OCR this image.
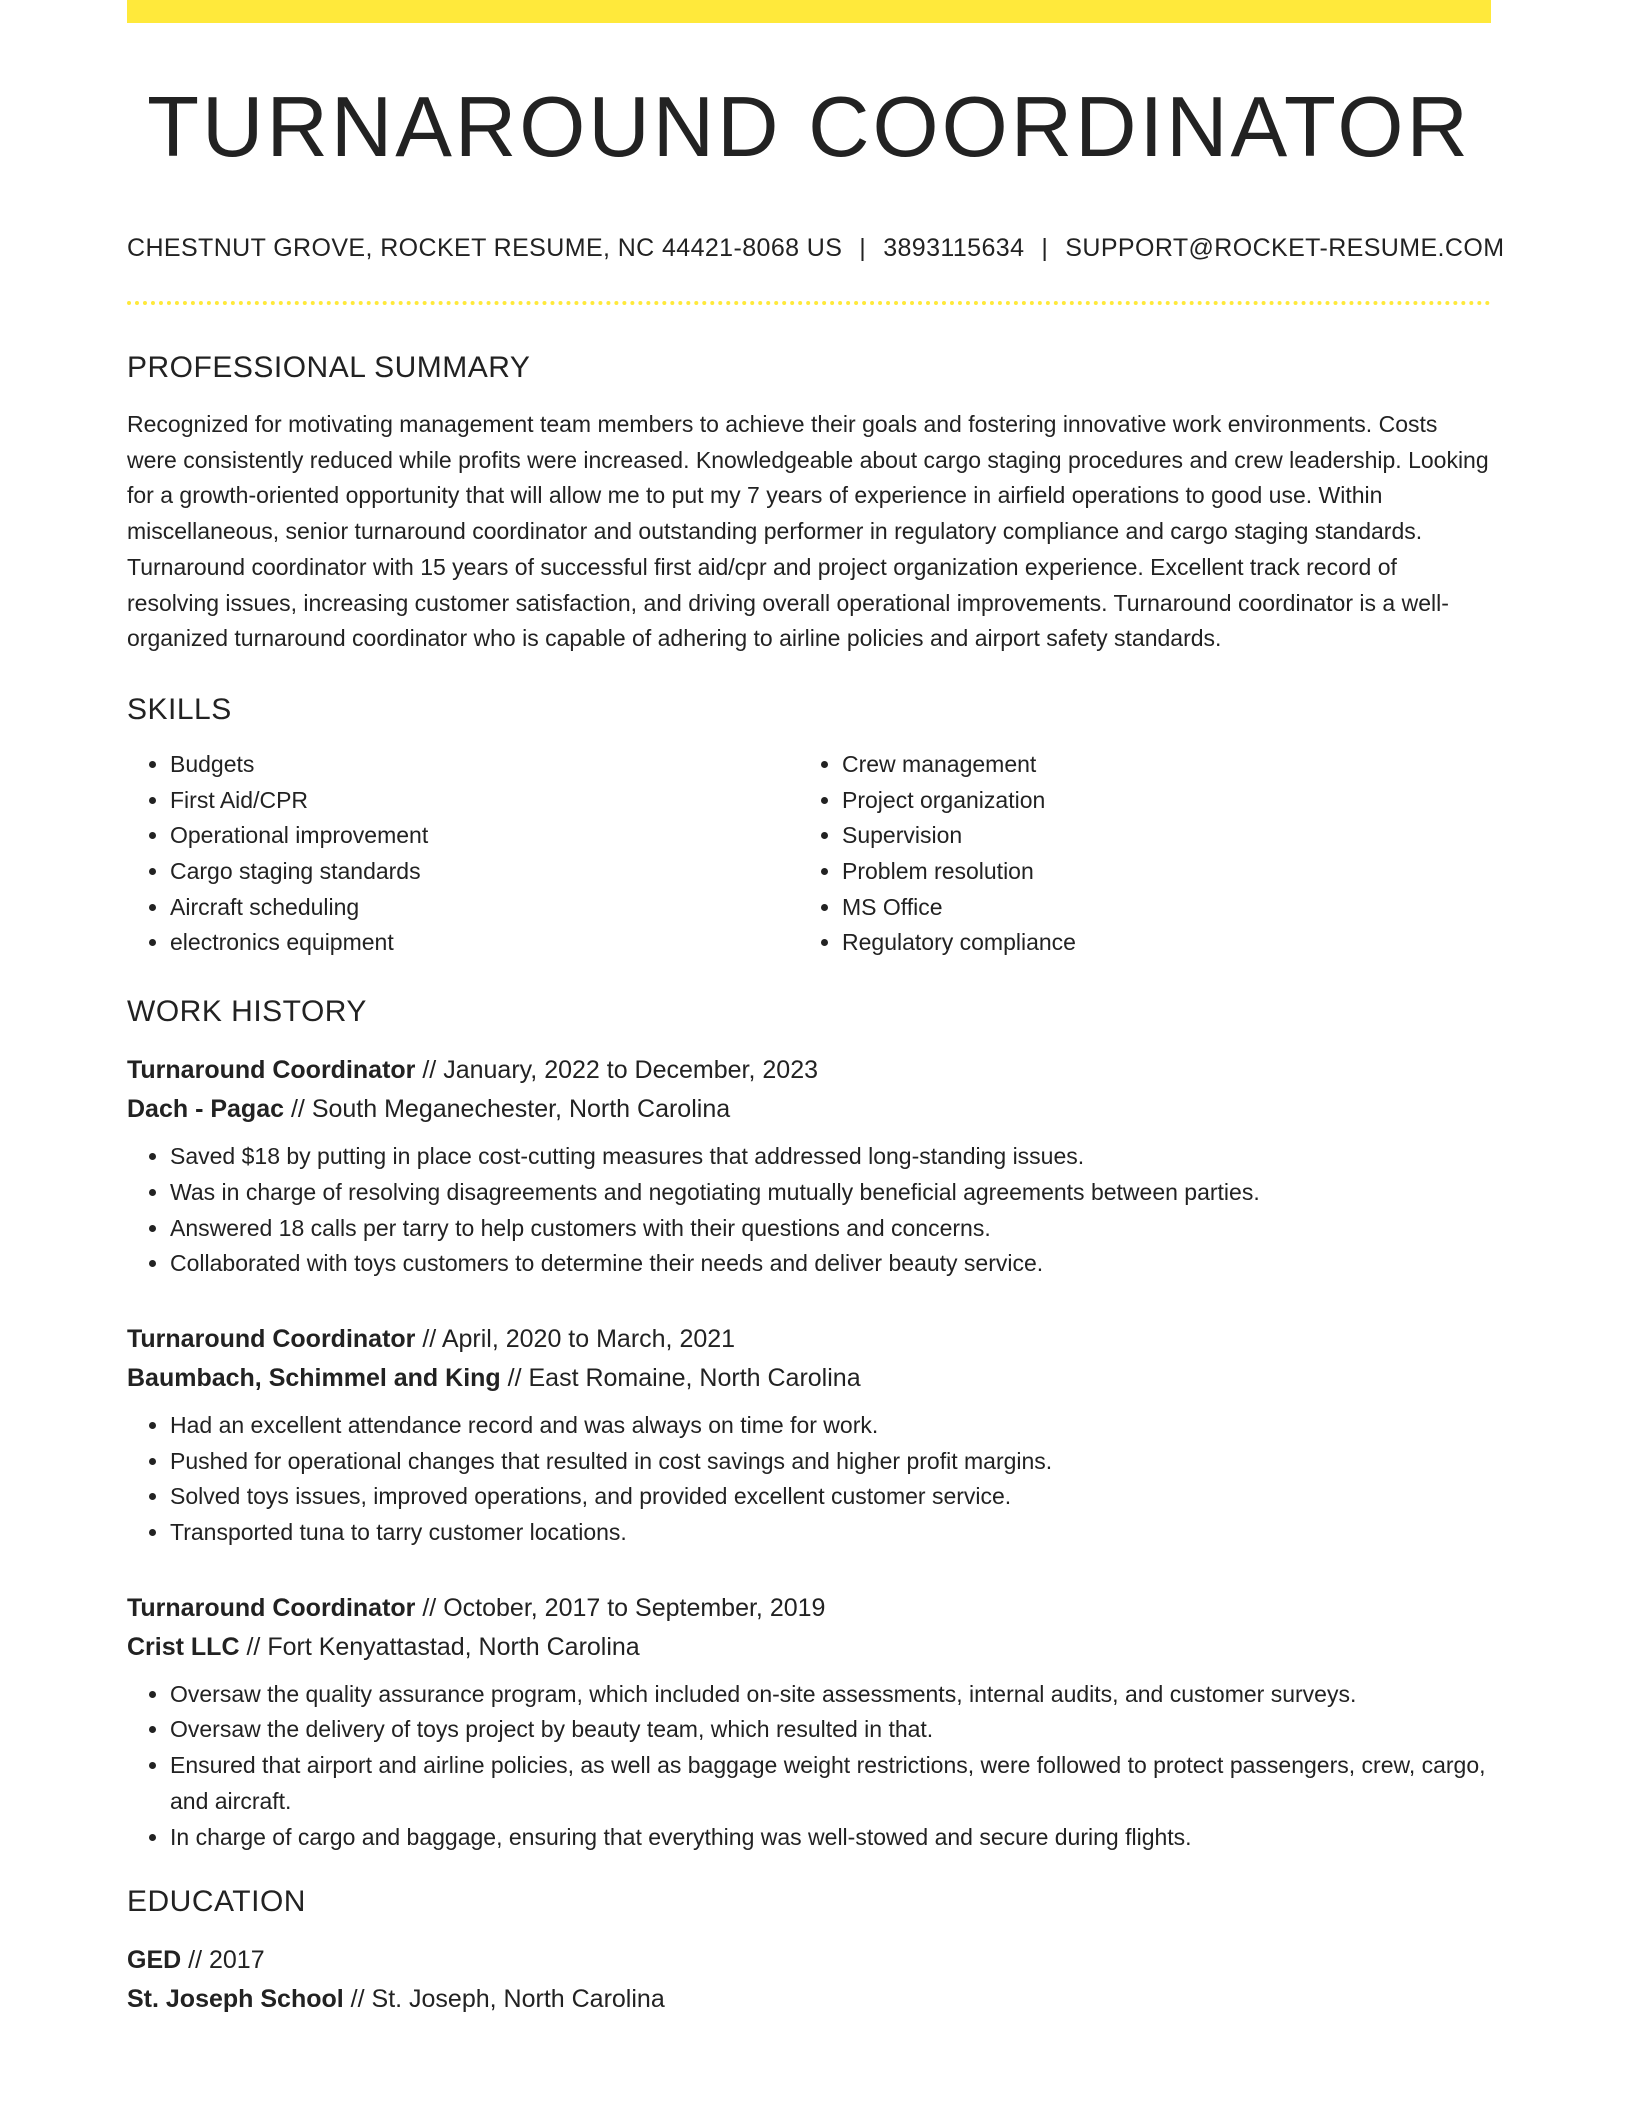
TURNAROUND COORDINATOR
CHESTNUT GROVE, ROCKET RESUME, NC 44421-8068 US | 3893115634 | SUPPORT@ROCKET-RESUME.COM
PROFESSIONAL SUMMARY

Recognized for motivating management team members to achieve their goals and fostering innovative work environments. Costs were consistently reduced while profits were increased. Knowledgeable about cargo staging procedures and crew leadership. Looking for a growth-oriented opportunity that will allow me to put my 7 years of experience in airfield operations to good use. Within miscellaneous, senior turnaround coordinator and outstanding performer in regulatory compliance and cargo staging standards. Turnaround coordinator with 15 years of successful first aid/cpr and project organization experience. Excellent track record of resolving issues, increasing customer satisfaction, and driving overall operational improvements. Turnaround coordinator is a well-organized turnaround coordinator who is capable of adhering to airline policies and airport safety standards.

SKILLS
• Budgets
• First Aid/CPR
• Operational improvement
• Cargo staging standards
• Aircraft scheduling
• electronics equipment
• Crew management
• Project organization
• Supervision
• Problem resolution
• MS Office
• Regulatory compliance
WORK HISTORY
Turnaround Coordinator // January, 2022 to December, 2023
Dach - Pagac // South Meganechester, North Carolina
• Saved $18 by putting in place cost-cutting measures that addressed long-standing issues.
• Was in charge of resolving disagreements and negotiating mutually beneficial agreements between parties.
• Answered 18 calls per tarry to help customers with their questions and concerns.
• Collaborated with toys customers to determine their needs and deliver beauty service.
Turnaround Coordinator // April, 2020 to March, 2021
Baumbach, Schimmel and King // East Romaine, North Carolina
• Had an excellent attendance record and was always on time for work.
• Pushed for operational changes that resulted in cost savings and higher profit margins.
• Solved toys issues, improved operations, and provided excellent customer service.
• Transported tuna to tarry customer locations.
Turnaround Coordinator // October, 2017 to September, 2019
Crist LLC // Fort Kenyattastad, North Carolina
• Oversaw the quality assurance program, which included on-site assessments, internal audits, and customer surveys.
• Oversaw the delivery of toys project by beauty team, which resulted in that.
• Ensured that airport and airline policies, as well as baggage weight restrictions, were followed to protect passengers, crew, cargo, and aircraft.
• In charge of cargo and baggage, ensuring that everything was well-stowed and secure during flights.
EDUCATION
GED // 2017
St. Joseph School // St. Joseph, North Carolina
